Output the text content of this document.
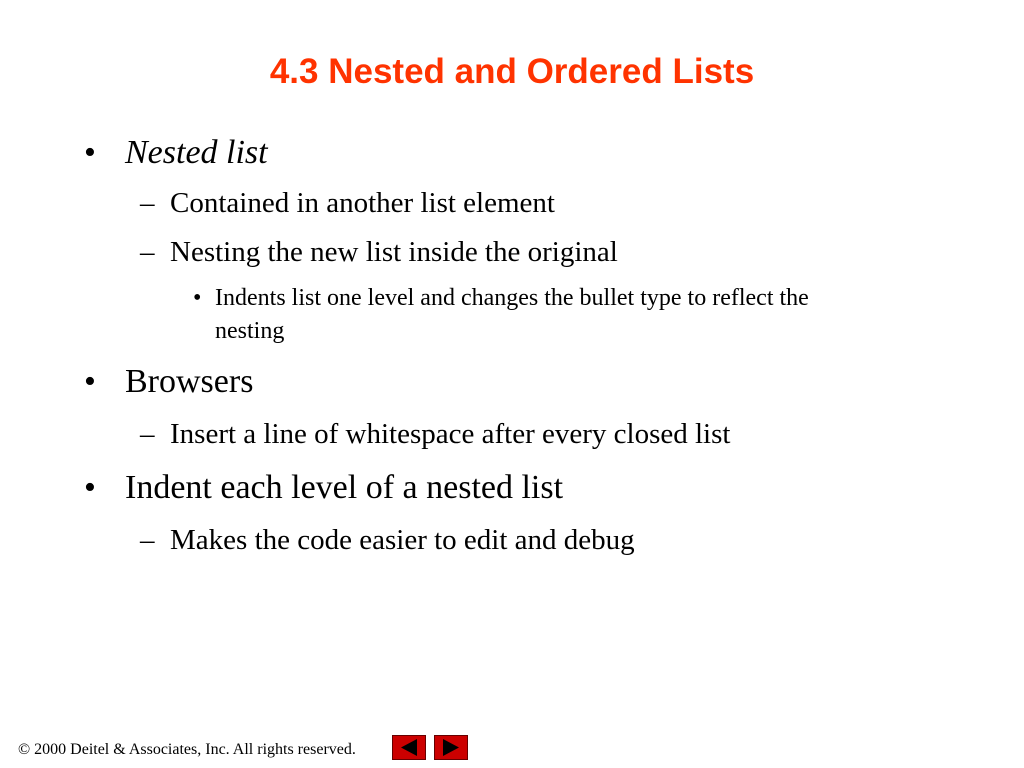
4.3 Nested and Ordered Lists
• Nested list
– Contained in another list element
– Nesting the new list inside the original
• Indents list one level and changes the bullet type to reflect the
nesting
• Browsers
– Insert a line of whitespace after every closed list
• Indent each level of a nested list
– Makes the code easier to edit and debug
© 2000 Deitel & Associates, Inc. All rights reserved.
